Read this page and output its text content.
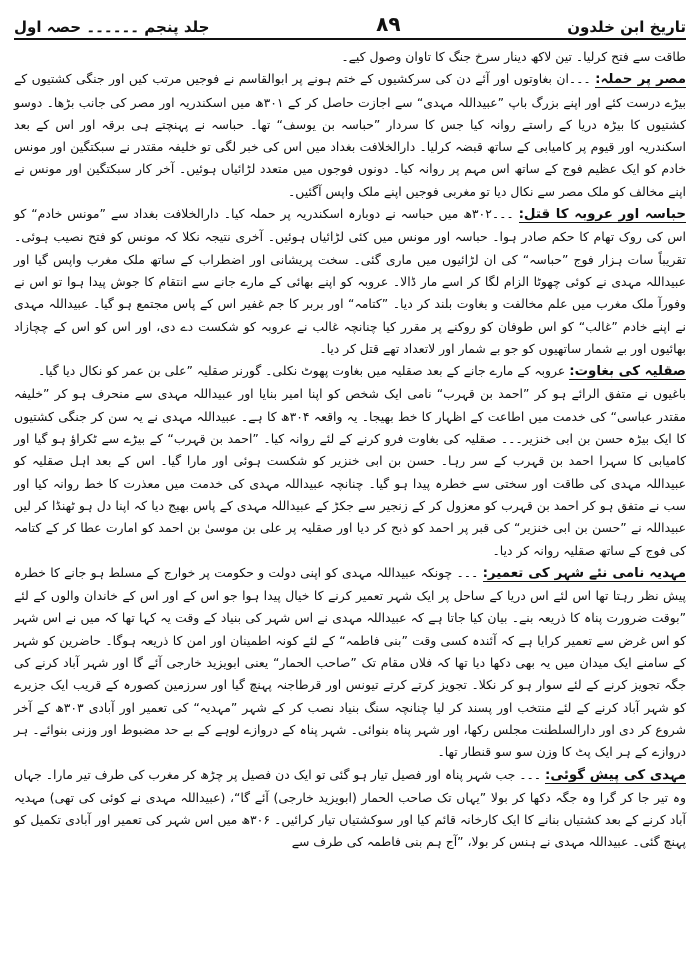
تاریخ ابن خلدون
۸۹
جلد پنجم ۔۔۔۔۔۔ حصہ اول

طاقت سے فتح کرلیا۔ تین لاکھ دینار سرخ جنگ کا تاوان وصول کیے۔

مصر پر حملہ: ۔۔۔ان بغاوتوں اور آئے دن کی سرکشیوں کے ختم ہونے پر ابوالقاسم نے فوجیں مرتب کیں اور جنگی کشتیوں کے بیڑے درست کئے اور اپنے بزرگ باپ ”عبیداللہ مہدی“ سے اجازت حاصل کر کے ۳۰۱ھ میں اسکندریہ اور مصر کی جانب بڑھا۔ دوسو کشتیوں کا بیڑہ دریا کے راستے روانہ کیا جس کا سردار ”حباسہ بن یوسف“ تھا۔ حباسہ نے پہنچتے ہی برقہ اور اس کے بعد اسکندریہ اور قیوم پر کامیابی کے ساتھ قبضہ کرلیا۔ دارالخلافت بغداد میں اس کی خبر لگی تو خلیفہ مقتدر نے سبکتگین اور مونس خادم کو ایک عظیم فوج کے ساتھ اس مہم پر روانہ کیا۔ دونوں فوجوں میں متعدد لڑائیاں ہوئیں۔ آخر کار سبکتگین اور مونس نے اپنے مخالف کو ملک مصر سے نکال دیا تو مغربی فوجیں اپنے ملک واپس آگئیں۔

حباسہ اور عروبہ کا قتل: ۔۔۔۳۰۲ھ میں حباسہ نے دوبارہ اسکندریہ پر حملہ کیا۔ دارالخلافت بغداد سے ”مونس خادم“ کو اس کی روک تھام کا حکم صادر ہوا۔ حباسہ اور مونس میں کئی لڑائیاں ہوئیں۔ آخری نتیجہ نکلا کہ مونس کو فتح نصیب ہوئی۔ تقریباً سات ہزار فوج ”حباسہ“ کی ان لڑائیوں میں ماری گئی۔ سخت پریشانی اور اضطراب کے ساتھ ملک مغرب واپس گیا اور عبیداللہ مہدی نے کوئی چھوٹا الزام لگا کر اسے مار ڈالا۔ عروبہ کو اپنے بھائی کے مارے جانے سے انتقام کا جوش پیدا ہوا تو اس نے وفورآ ملک مغرب میں علم مخالفت و بغاوت بلند کر دیا۔ ”کتامہ“ اور بربر کا جم غفیر اس کے پاس مجتمع ہو گیا۔ عبیداللہ مہدی نے اپنے خادم ”غالب“ کو اس طوفان کو روکنے پر مقرر کیا چنانچہ غالب نے عروبہ کو شکست دے دی، اور اس کو اس کے چچازاد بھائیوں اور بے شمار ساتھیوں کو جو بے شمار اور لاتعداد تھے قتل کر دیا۔

صقلیہ کی بغاوت: عروبہ کے مارے جانے کے بعد صقلیہ میں بغاوت پھوٹ نکلی۔ گورنر صقلیہ ”علی بن عمر کو نکال دیا گیا۔

باغیوں نے متفق الرائے ہو کر ”احمد بن قہرب“ نامی ایک شخص کو اپنا امیر بنایا اور عبیداللہ مہدی سے منحرف ہو کر ”خلیفہ مقتدر عباسی“ کی خدمت میں اطاعت کے اظہار کا خط بھیجا۔ یہ واقعہ ۳۰۴ھ کا ہے۔ عبیداللہ مہدی نے یہ سن کر جنگی کشتیوں کا ایک بیڑہ حسن بن ابی خنزیر۔۔۔ صقلیہ کی بغاوت فرو کرنے کے لئے روانہ کیا۔ ”احمد بن قہرب“ کے بیڑے سے ٹکراؤ ہو گیا اور کامیابی کا سہرا احمد بن قہرب کے سر رہا۔ حسن بن ابی خنزیر کو شکست ہوئی اور مارا گیا۔ اس کے بعد اہل صقلیہ کو عبیداللہ مہدی کی طاقت اور سختی سے خطرہ پیدا ہو گیا۔ چنانچہ عبیداللہ مہدی کی خدمت میں معذرت کا خط روانہ کیا اور سب نے متفق ہو کر احمد بن قہرب کو معزول کر کے زنجیر سے جکڑ کے عبیداللہ مہدی کے پاس بھیج دیا کہ اپنا دل ہو ٹھنڈا کر لیں عبیداللہ نے ”حسن بن ابی خنزیر“ کی قبر پر احمد کو ذبح کر دیا اور صقلیہ پر علی بن موسیٰ بن احمد کو امارت عطا کر کے کتامہ کی فوج کے ساتھ صقلیہ روانہ کر دیا۔

مہدیہ نامی نئے شہر کی تعمیر: ۔۔۔ چونکہ عبیداللہ مہدی کو اپنی دولت و حکومت پر خوارج کے مسلط ہو جانے کا خطرہ پیش نظر رہتا تھا اس لئے اس دریا کے ساحل پر ایک شہر تعمیر کرنے کا خیال پیدا ہوا جو اس کے اور اس کے خاندان والوں کے لئے ”بوقت ضرورت پناہ کا ذریعہ بنے۔ بیان کیا جاتا ہے کہ عبیداللہ مہدی نے اس شہر کی بنیاد کے وقت یہ کہا تھا کہ میں نے اس شہر کو اس غرض سے تعمیر کرایا ہے کہ آئندہ کسی وقت ”بنی فاطمہ“ کے لئے کونہ اطمینان اور امن کا ذریعہ ہوگا۔ حاضرین کو شہر کے سامنے ایک میدان میں یہ بھی دکھا دیا تھا کہ فلاں مقام تک ”صاحب الحمار“ یعنی ابویزید خارجی آئے گا اور شہر آباد کرنے کی جگہ تجویز کرنے کے لئے سوار ہو کر نکلا۔ تجویز کرتے کرتے تیونس اور قرطاجنہ پہنچ گیا اور سرزمین کصورہ کے قریب ایک جزیرے کو شہر آباد کرنے کے لئے منتخب اور پسند کر لیا چنانچہ سنگ بنیاد نصب کر کے شہر ”مہدیہ“ کی تعمیر اور آبادی ۳۰۳ھ کے آخر شروع کر دی اور دارالسلطنت مجلس رکھا، اور شہر پناہ بنوائی۔ شہر پناہ کے دروازے لوہے کے بے حد مضبوط اور وزنی بنوائے۔ ہر دروازے کے ہر ایک پٹ کا وزن سو سو قنطار تھا۔

مہدی کی پیش گوئی: ۔۔۔ جب شہر پناہ اور فصیل تیار ہو گئی تو ایک دن فصیل پر چڑھ کر مغرب کی طرف تیر مارا۔ جہاں وہ تیر جا کر گرا وہ جگہ دکھا کر بولا ”یہاں تک صاحب الحمار (ابویزید خارجی) آئے گا“، (عبیداللہ مہدی نے کوئی کی تھی) مہدیہ آباد کرنے کے بعد کشتیاں بنانے کا ایک کارخانہ قائم کیا اور سوکشتیاں تیار کرائیں۔ ۳۰۶ھ میں اس شہر کی تعمیر اور آبادی تکمیل کو پہنچ گئی۔ عبیداللہ مہدی نے ہنس کر بولا، ”آج ہم بنی فاطمہ کی طرف سے
